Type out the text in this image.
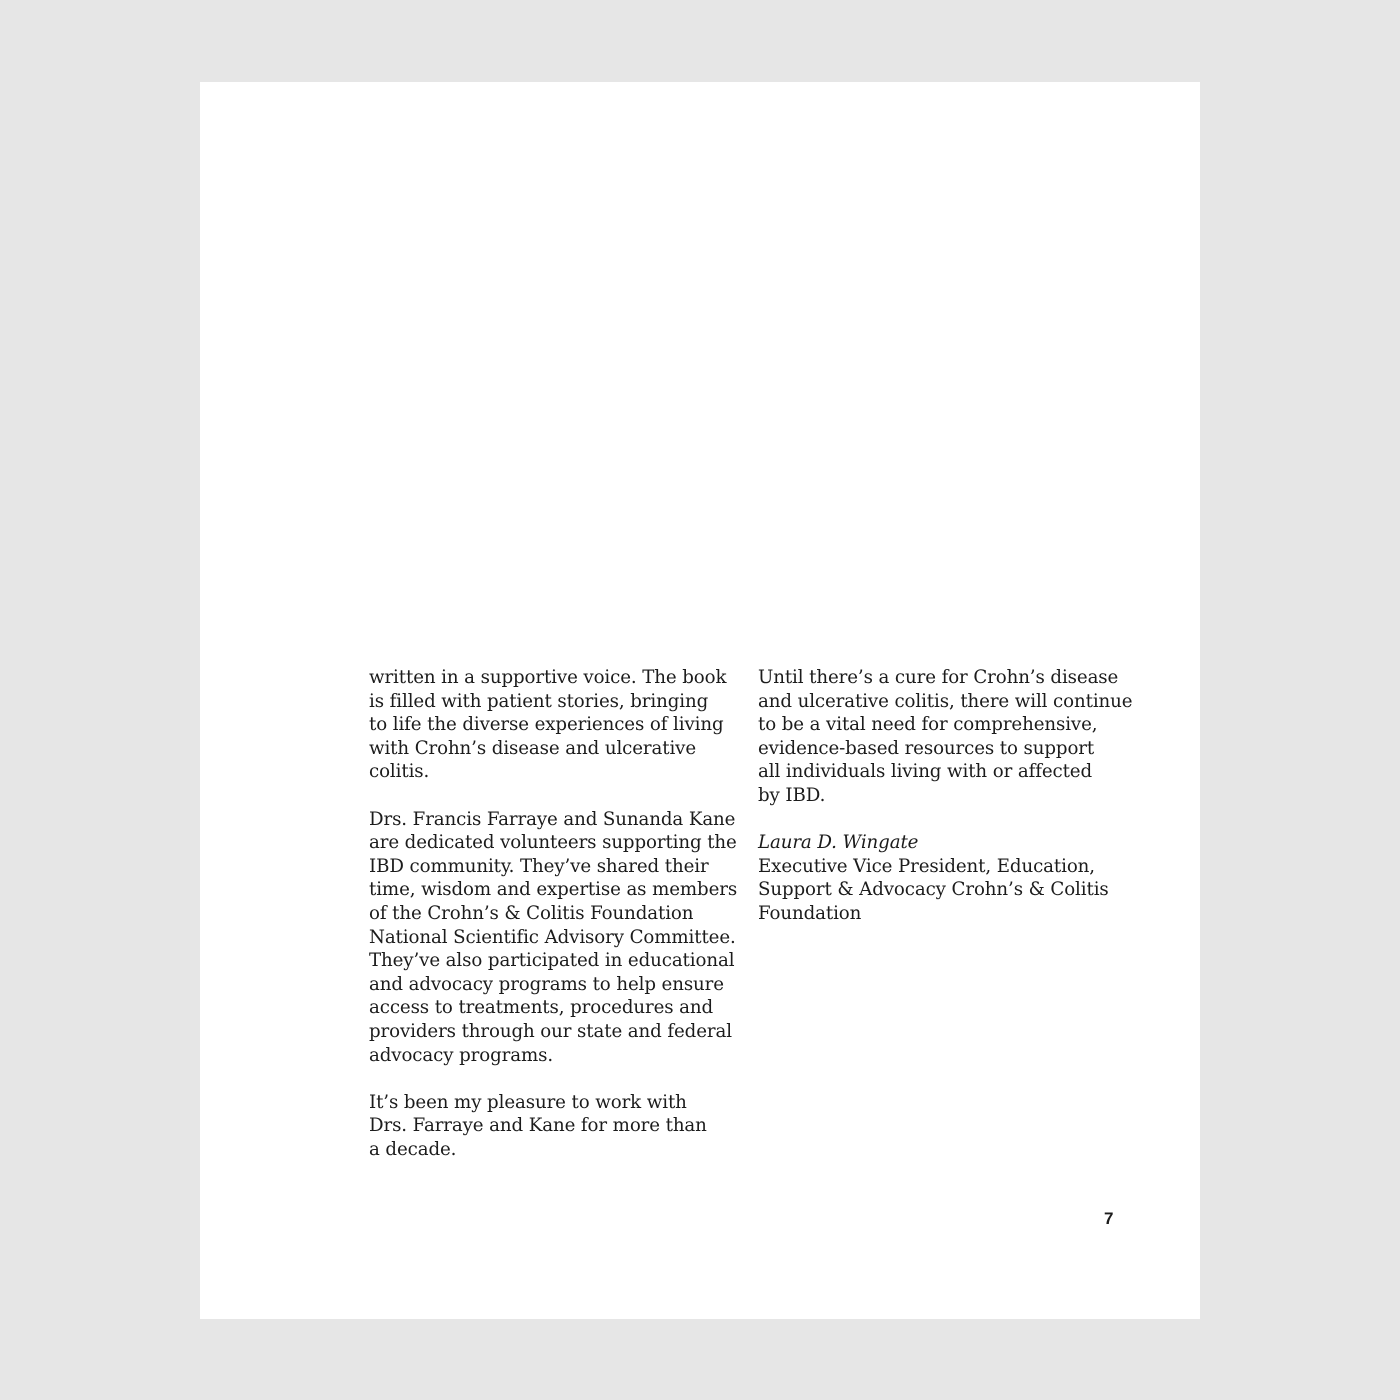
written in a supportive voice. The book
is filled with patient stories, bringing
to life the diverse experiences of living
with Crohn’s disease and ulcerative
colitis.

Drs. Francis Farraye and Sunanda Kane
are dedicated volunteers supporting the
IBD community. They’ve shared their
time, wisdom and expertise as members
of the Crohn’s & Colitis Foundation
National Scientific Advisory Committee.
They’ve also participated in educational
and advocacy programs to help ensure
access to treatments, procedures and
providers through our state and federal
advocacy programs.

It’s been my pleasure to work with
Drs. Farraye and Kane for more than
a decade.

Until there’s a cure for Crohn’s disease
and ulcerative colitis, there will continue
to be a vital need for comprehensive,
evidence-based resources to support
all individuals living with or affected
by IBD.

Laura D. Wingate
Executive Vice President, Education,
Support & Advocacy Crohn’s & Colitis
Foundation
7
